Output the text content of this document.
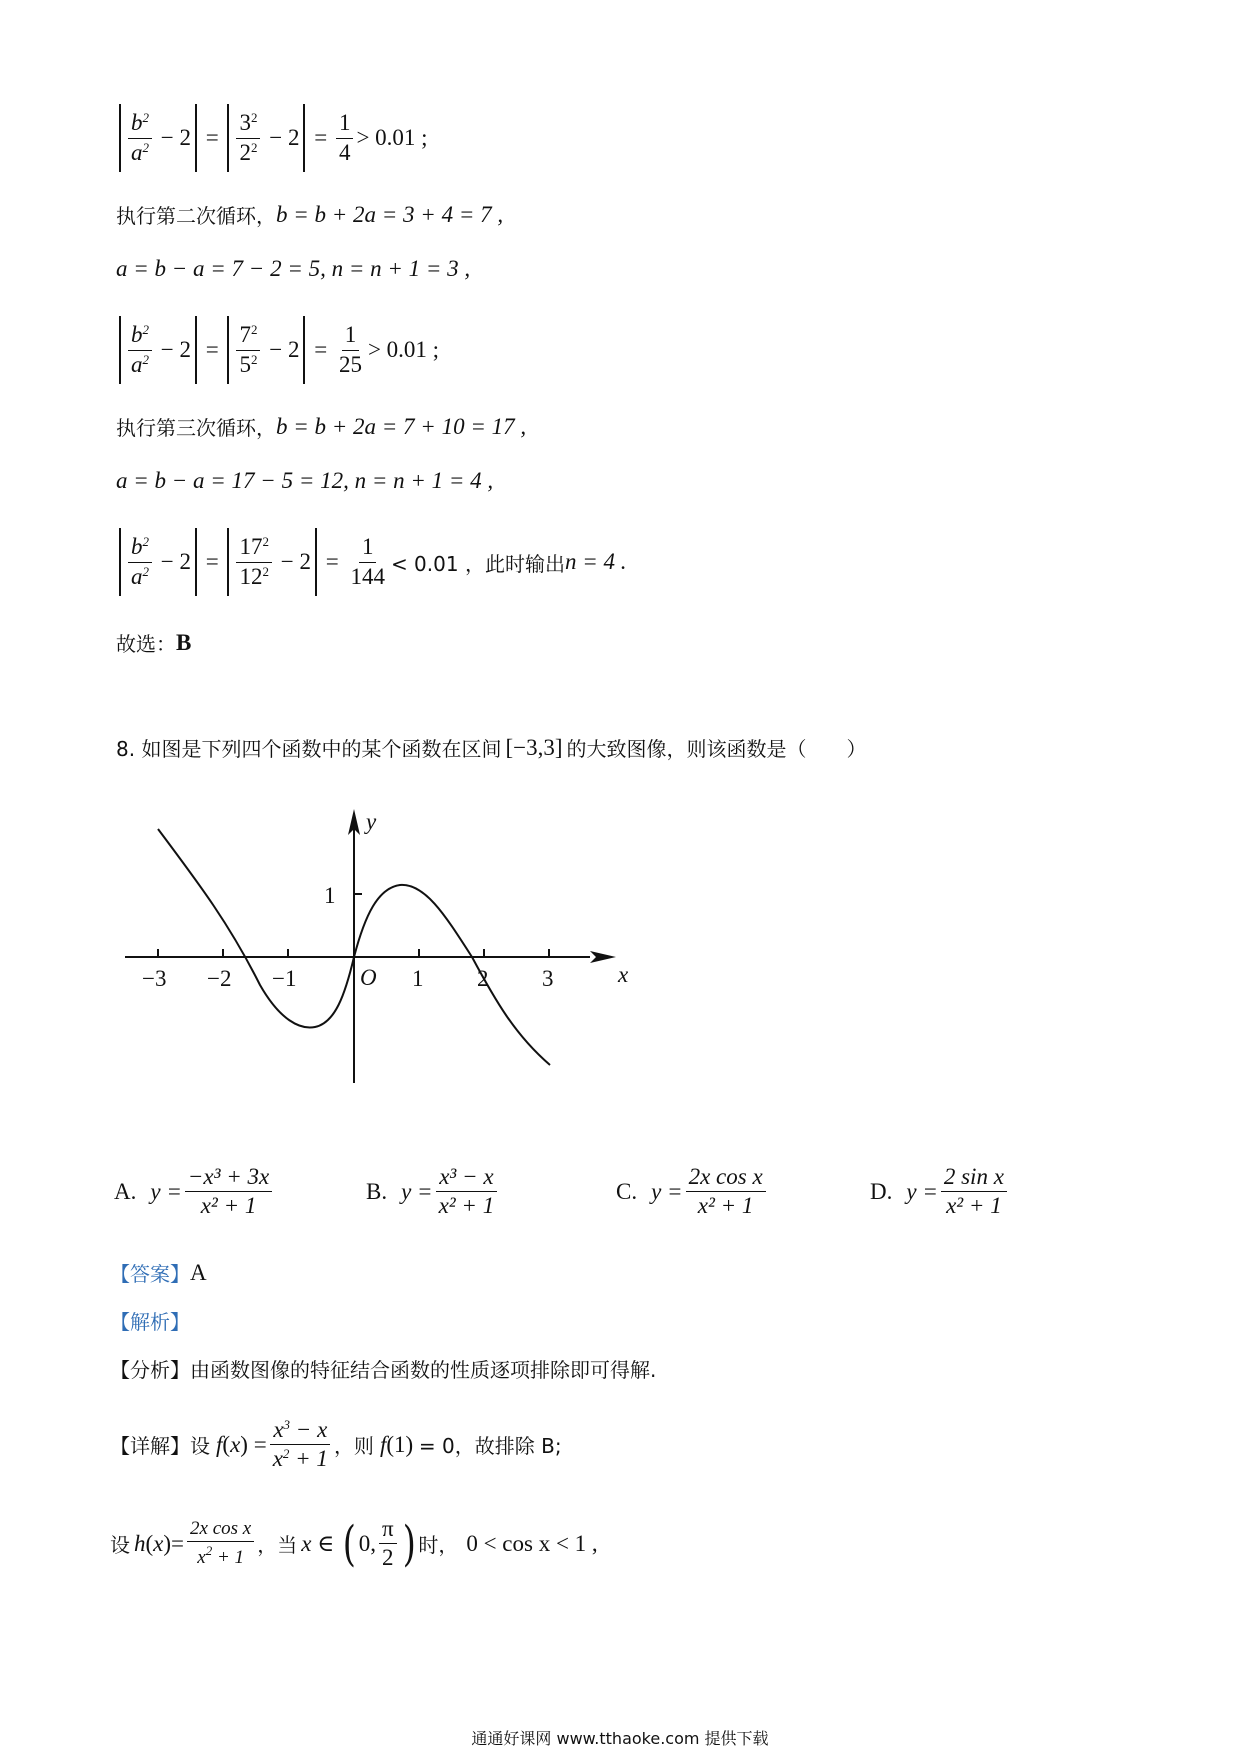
$\frac{b^2}{a^2} - 2 = \frac{3^2}{2^2} - 2 = \frac{1}{4} > 0.01$ ;
执行第二次循环， b = b + 2a = 3 + 4 = 7 ,
a = b − a = 7 − 2 = 5, n = n + 1 = 3 ,
$\frac{b^2}{a^2} - 2 = \frac{7^2}{5^2} - 2 = \frac{1}{25} > 0.01$ ;
执行第三次循环， b = b + 2a = 7 + 10 = 17 ,
a = b − a = 17 − 5 = 12, n = n + 1 = 4 ,
$\frac{b^2}{a^2} - 2 = \frac{17^2}{12^2} - 2 = \frac{1}{144} < 0.01$ ，此时输出 n = 4 .
故选： B
8. 如图是下列四个函数中的某个函数在区间 [−3,3] 的大致图像，则该函数是（　　）
y
x
O
1
−3 −2 −1	1 2 3
A. $y = \frac{\text{−x³ + 3x}}{\text{x² + 1}}$	B. $y = \frac{\text{x³ − x}}{\text{x² + 1}}$	C. $y = \frac{\text{2x cos x}}{\text{x² + 1}}$	D. $y = \frac{\text{2 sin x}}{\text{x² + 1}}$
【答案】 A
【解析】
【分析】 由函数图像的特征结合函数的性质逐项排除即可得解.
【详解】 设 f ( x ) = $\frac{x^3 - x}{x^2 + 1}$ ，则 f (1) = 0，故排除 B;
设 h ( x )= $\frac{\text{2x cos x}}{x^2 + 1}$ ，当 x ∈ ( 0, $\frac{\pi}{2}$ ) 时， 0 < cos x < 1 ,
通通好课网 www.tthaoke.com 提供下载
